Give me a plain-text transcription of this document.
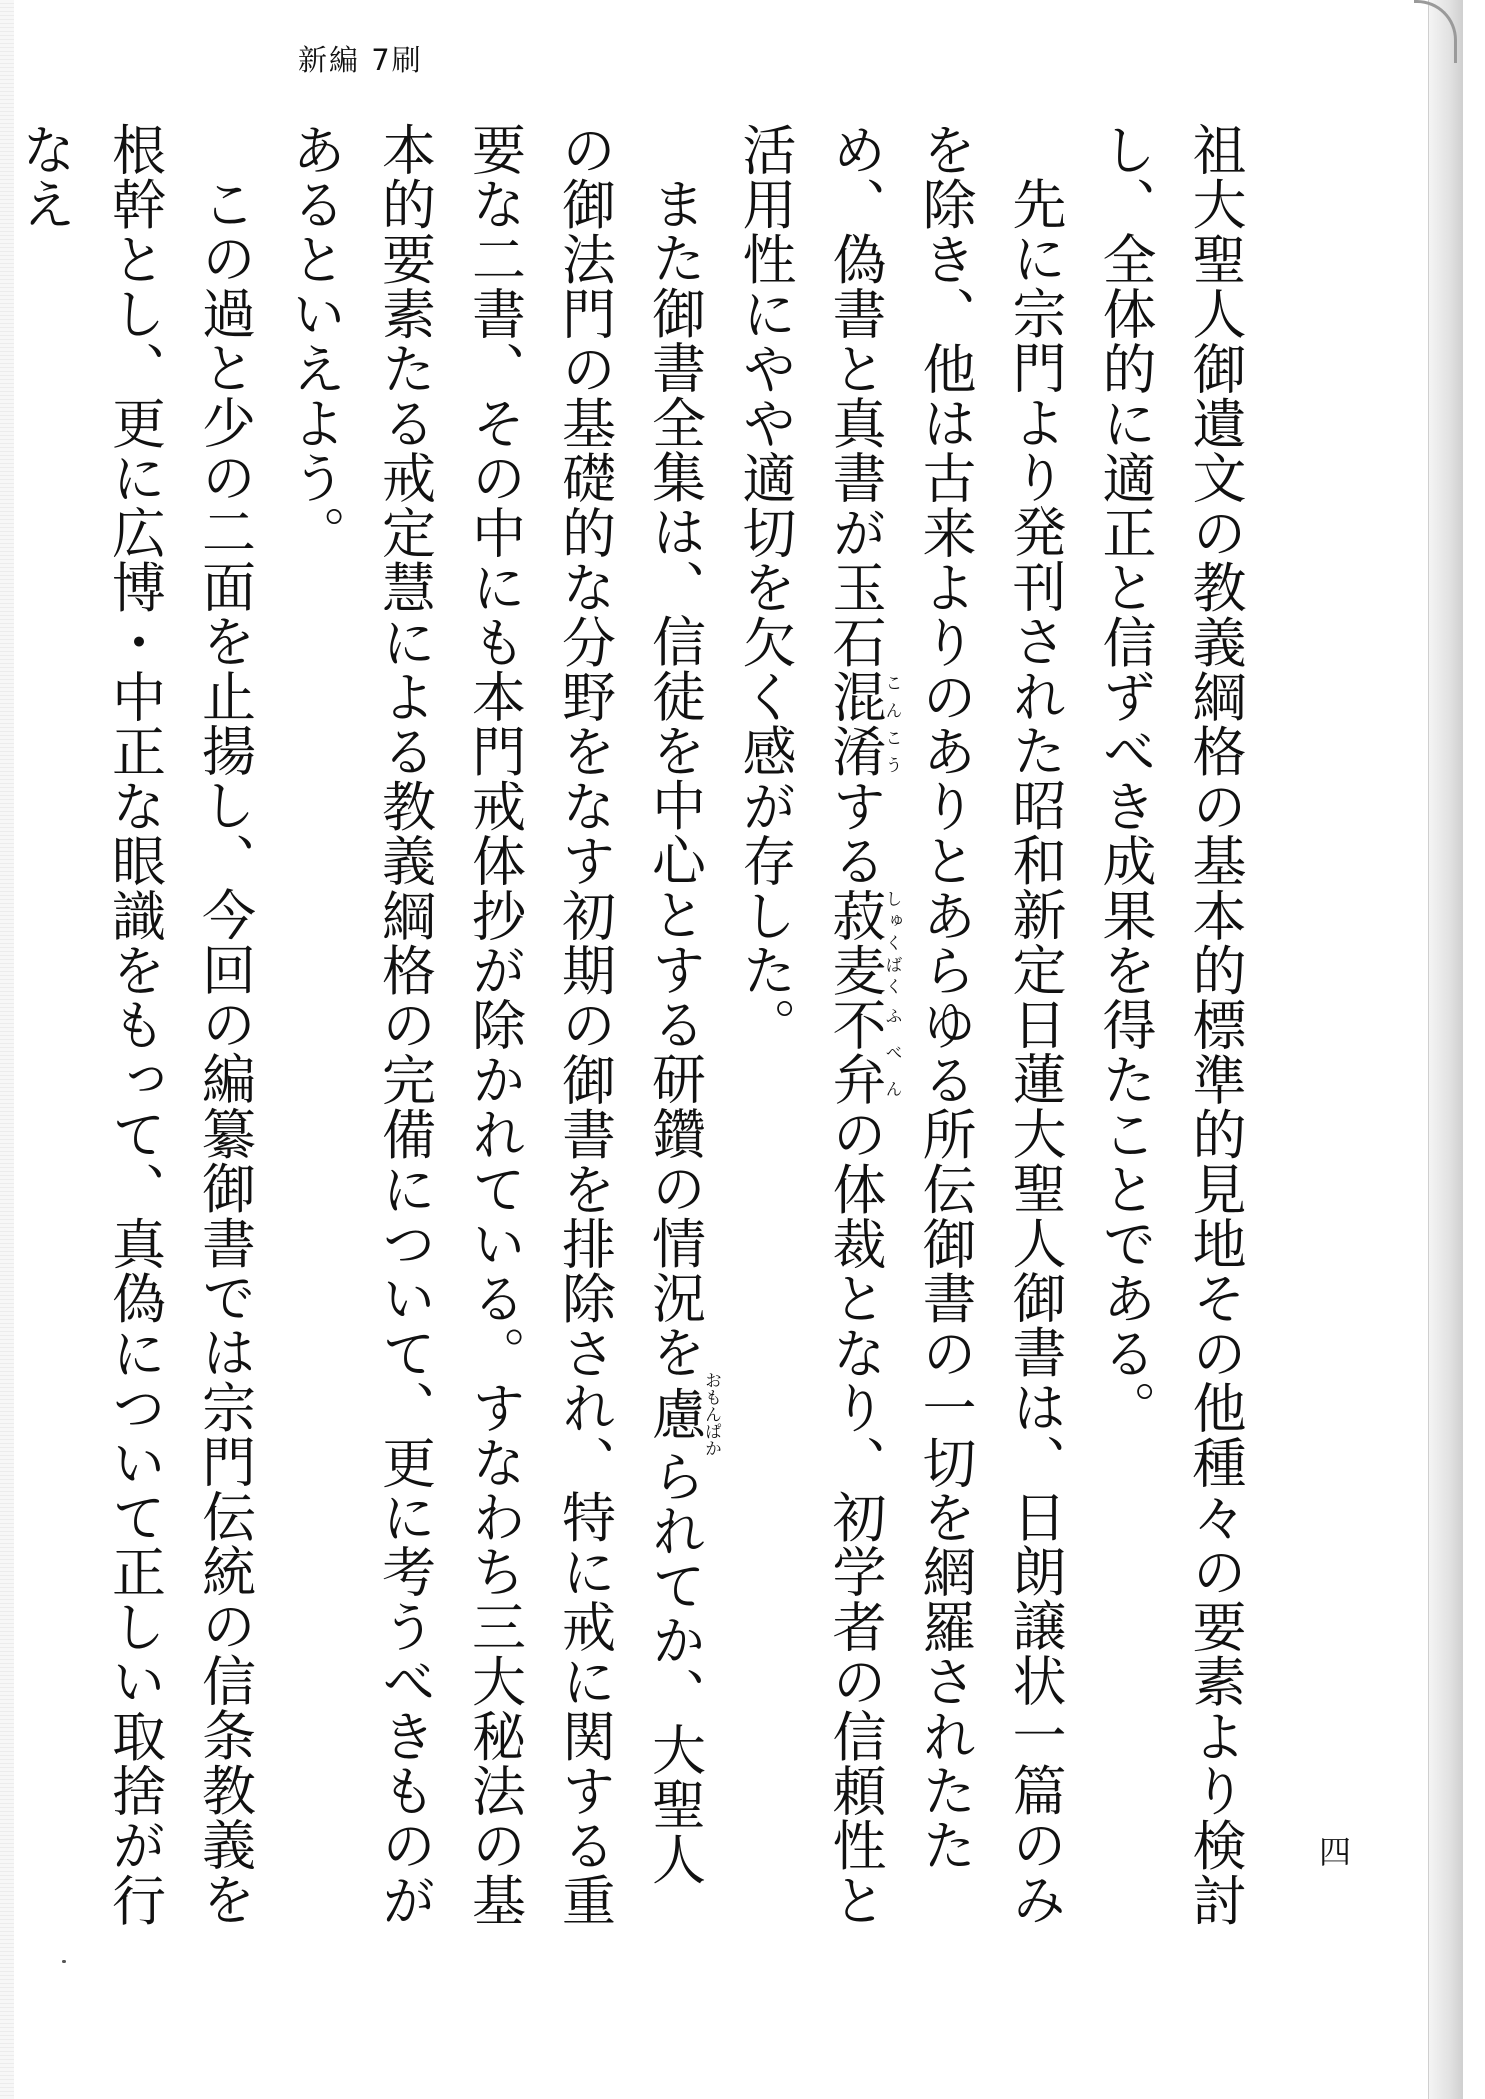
新編 7刷

祖大聖人御遺文の教義綱格の基本的標準的見地その他種々の要素より検討し、全体的に適正と信ずべき成果を得たことである。

先に宗門より発刊された昭和新定日蓮大聖人御書は、日朗譲状一篇のみを除き、他は古来よりのありとあらゆる所伝御書の一切を網羅されたため、偽書と真書が玉石混淆こんこうする菽麦しゅくばく不弁ふべんの体裁となり、初学者の信頼性と活用性にやや適切を欠く感が存した。

また御書全集は、信徒を中心とする研鑽の情況を慮おもんぱかられてか、大聖人の御法門の基礎的な分野をなす初期の御書を排除され、特に戒に関する重要な二書、その中にも本門戒体抄が除かれている。すなわち三大秘法の基本的要素たる戒定慧による教義綱格の完備について、更に考うべきものがあるといえよう。

この過と少の二面を止揚し、今回の編纂御書では宗門伝統の信条教義を根幹とし、更に広博・中正な眼識をもって、真偽について正しい取捨が行なえ

四
